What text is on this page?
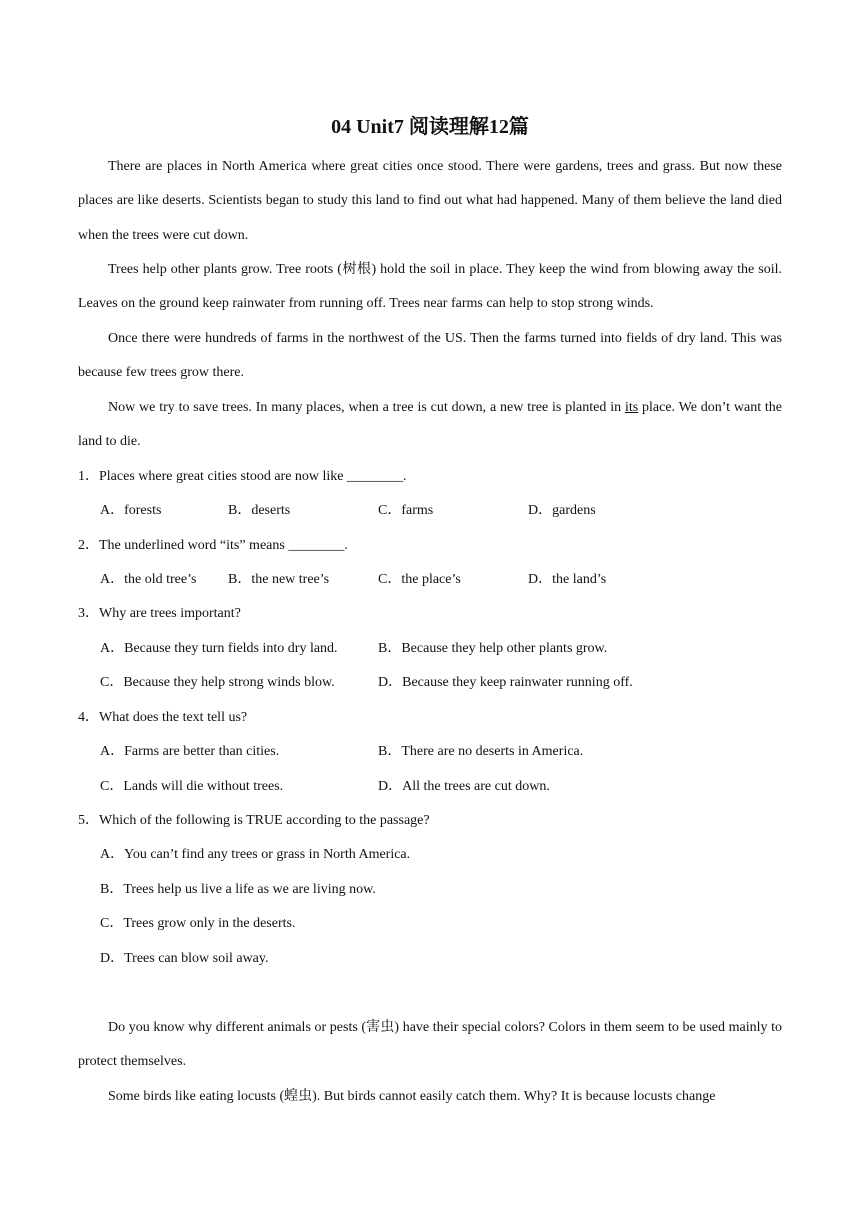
04 Unit7 阅读理解12篇

There are places in North America where great cities once stood. There were gardens, trees and grass. But now these places are like deserts. Scientists began to study this land to find out what had happened. Many of them believe the land died when the trees were cut down.

Trees help other plants grow. Tree roots (树根) hold the soil in place. They keep the wind from blowing away the soil. Leaves on the ground keep rainwater from running off. Trees near farms can help to stop strong winds.

Once there were hundreds of farms in the northwest of the US. Then the farms turned into fields of dry land. This was because few trees grow there.

Now we try to save trees. In many places, when a tree is cut down, a new tree is planted in its place. We don’t want the land to die.

1．Places where great cities stood are now like ________.
A．forests	B．deserts	C．farms	D．gardens
2．The underlined word “its” means ________.
A．the old tree’s B．the new tree’s	C．the place’s	D．the land’s
3．Why are trees important?
A．Because they turn fields into dry land.	B．Because they help other plants grow.
C．Because they help strong winds blow.	D．Because they keep rainwater running off.
4．What does the text tell us?
A．Farms are better than cities.	B．There are no deserts in America.
C．Lands will die without trees.	D．All the trees are cut down.
5．Which of the following is TRUE according to the passage?
A．You can’t find any trees or grass in North America.
B．Trees help us live a life as we are living now.
C．Trees grow only in the deserts.
D．Trees can blow soil away.

Do you know why different animals or pests (害虫) have their special colors? Colors in them seem to be used mainly to protect themselves.

Some birds like eating locusts (蝗虫). But birds cannot easily catch them. Why? It is because locusts change
